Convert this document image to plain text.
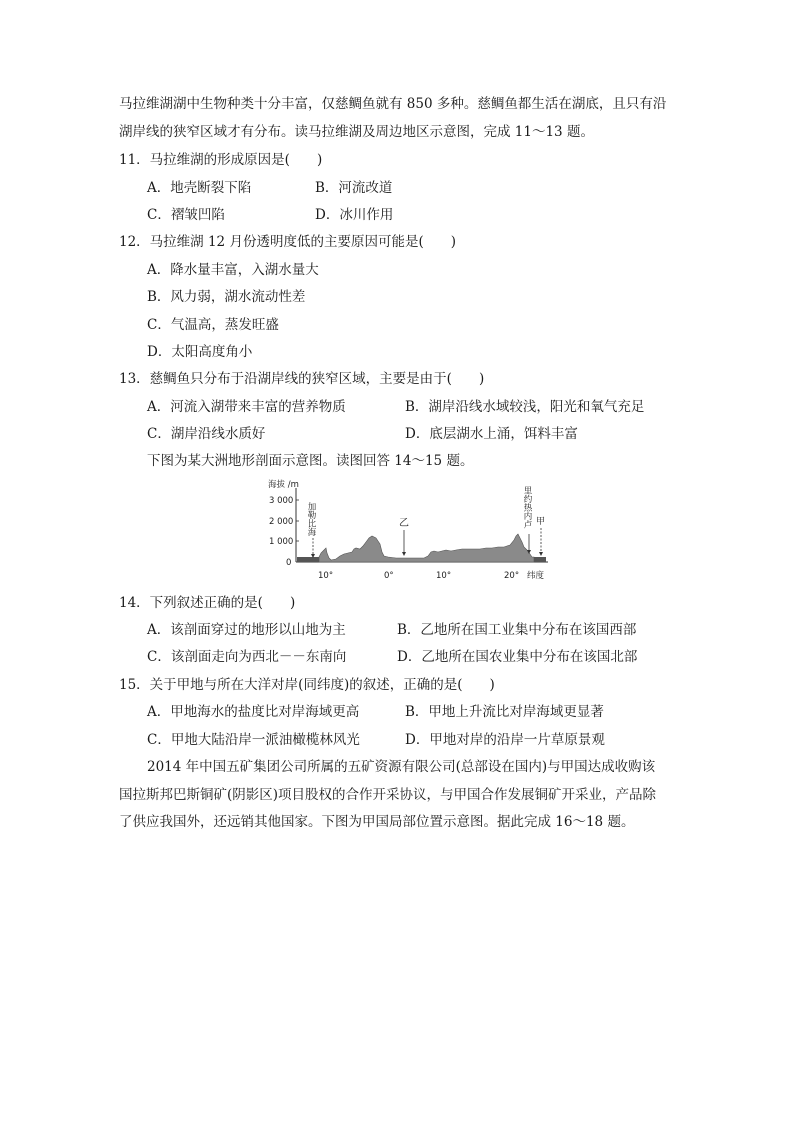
马拉维湖湖中生物种类十分丰富，仅慈鲷鱼就有 850 多种。慈鲷鱼都生活在湖底，且只有沿
湖岸线的狭窄区域才有分布。读马拉维湖及周边地区示意图，完成 11～13 题。
11．马拉维湖的形成原因是(　　)
A．地壳断裂下陷	B．河流改道
C．褶皱凹陷	D．冰川作用
12．马拉维湖 12 月份透明度低的主要原因可能是(　　)
A．降水量丰富，入湖水量大
B．风力弱，湖水流动性差
C．气温高，蒸发旺盛
D．太阳高度角小
13．慈鲷鱼只分布于沿湖岸线的狭窄区域，主要是由于(　　)
A．河流入湖带来丰富的营养物质	B．湖岸沿线水域较浅，阳光和氧气充足
C．湖岸沿线水质好	D．底层湖水上涌，饵料丰富
下图为某大洲地形剖面示意图。读图回答 14～15 题。
海拔 /m
3 000
2 000
1 000
0
加勒比海	乙	里约热内卢 甲
10°	0°	10°	20° 纬度
14．下列叙述正确的是(　　)
A．该剖面穿过的地形以山地为主	B．乙地所在国工业集中分布在该国西部
C．该剖面走向为西北－－东南向	D．乙地所在国农业集中分布在该国北部
15．关于甲地与所在大洋对岸(同纬度)的叙述，正确的是(　　)
A．甲地海水的盐度比对岸海域更高	B．甲地上升流比对岸海域更显著
C．甲地大陆沿岸一派油橄榄林风光	D．甲地对岸的沿岸一片草原景观
2014 年中国五矿集团公司所属的五矿资源有限公司(总部设在国内)与甲国达成收购该
国拉斯邦巴斯铜矿(阴影区)项目股权的合作开采协议，与甲国合作发展铜矿开采业，产品除
了供应我国外，还远销其他国家。下图为甲国局部位置示意图。据此完成 16～18 题。
